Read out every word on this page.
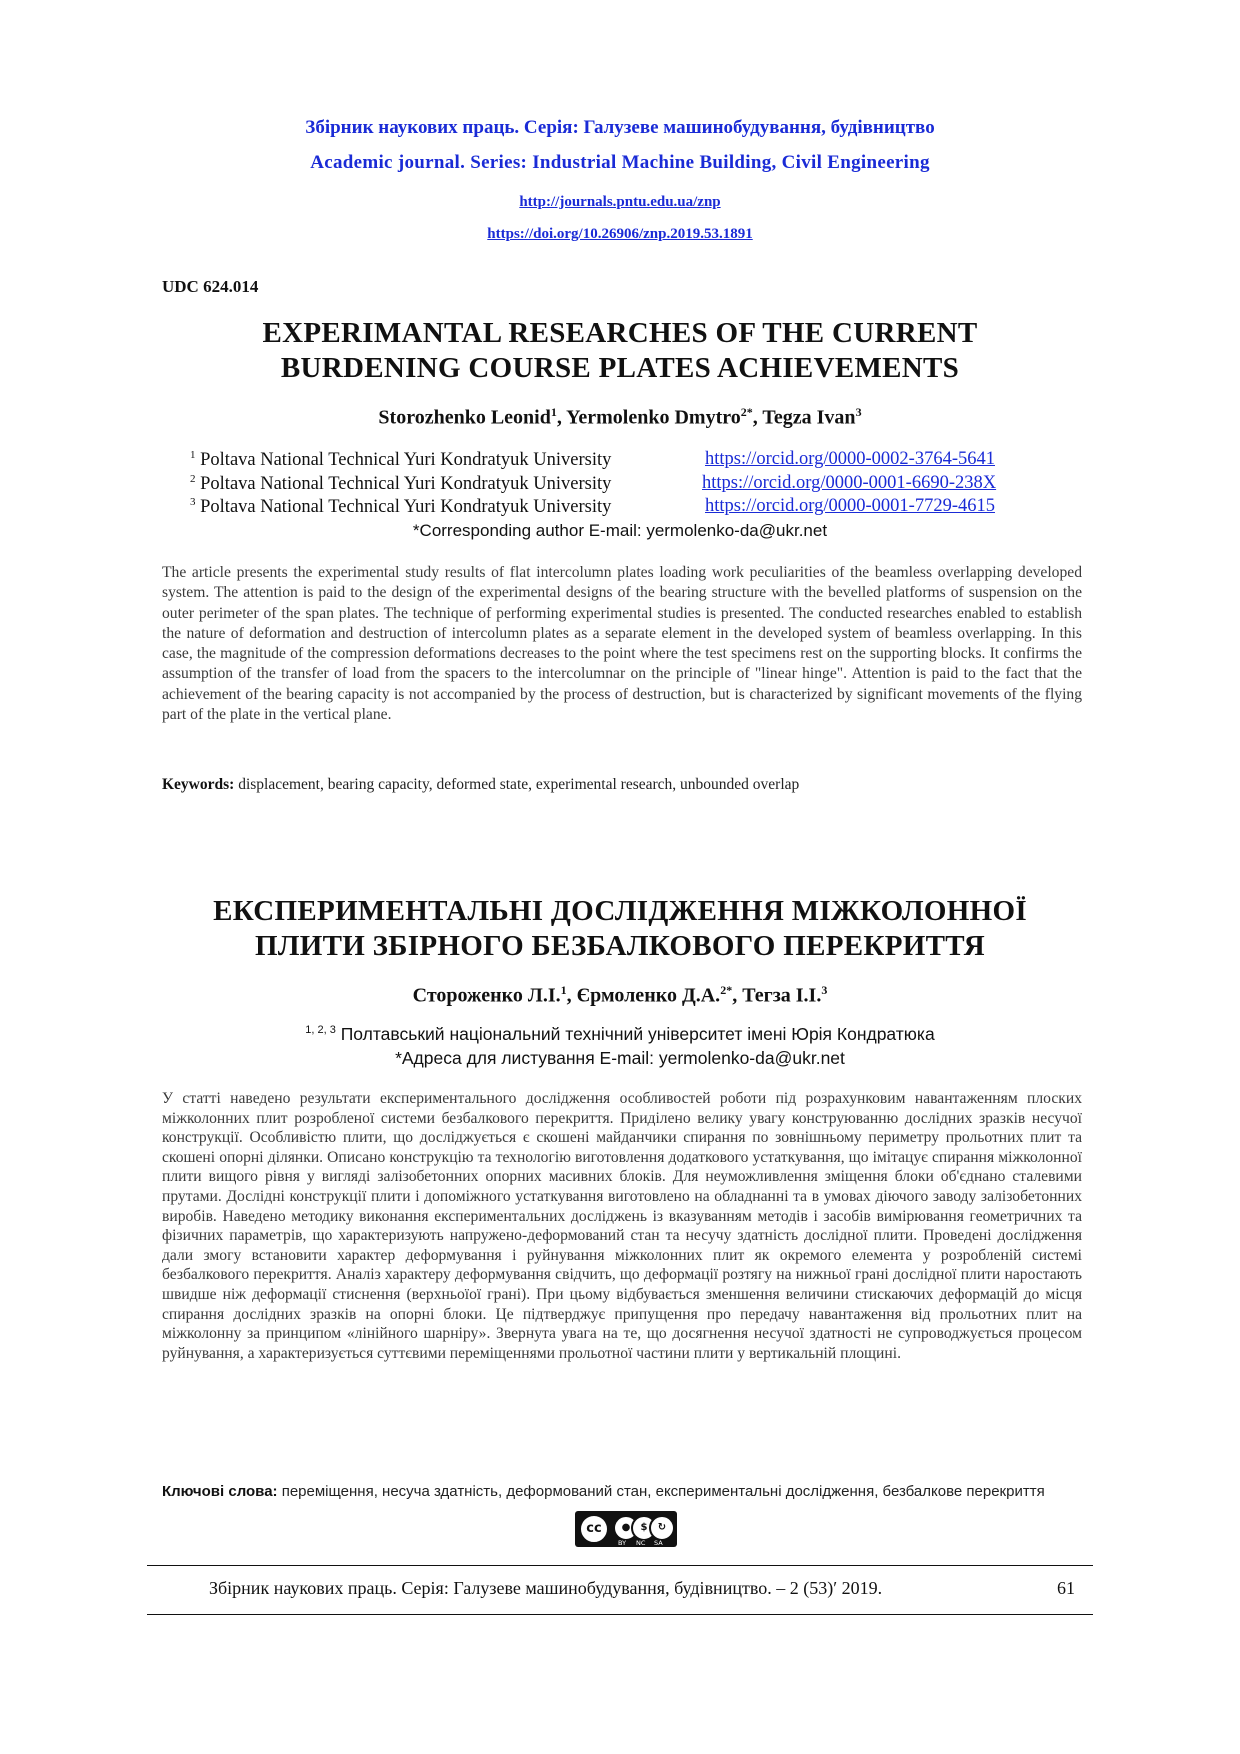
Збірник наукових праць. Серія: Галузеве машинобудування, будівництво
Academic journal. Series: Industrial Machine Building, Civil Engineering
http://journals.pntu.edu.ua/znp
https://doi.org/10.26906/znp.2019.53.1891
UDC 624.014
EXPERIMANTAL RESEARCHES OF THE CURRENT
BURDENING COURSE PLATES ACHIEVEMENTS
Storozhenko Leonid$^1$, Yermolenko Dmytro$^{2*}$, Tegza Ivan$^3$
$^1$ Poltava National Technical Yuri Kondratyuk University	https://orcid.org/0000-0002-3764-5641
$^2$ Poltava National Technical Yuri Kondratyuk University	https://orcid.org/0000-0001-6690-238X
$^3$ Poltava National Technical Yuri Kondratyuk University	https://orcid.org/0000-0001-7729-4615
*Corresponding author E-mail: yermolenko-da@ukr.net
The article presents the experimental study results of flat intercolumn plates loading work peculiarities of the beamless overlapping developed system. The attention is paid to the design of the experimental designs of the bearing structure with the bevelled platforms of suspension on the outer perimeter of the span plates. The technique of performing experimental studies is presented. The conducted researches enabled to establish the nature of deformation and destruction of intercolumn plates as a separate element in the developed system of beamless overlapping. In this case, the magnitude of the compression deformations decreases to the point where the test specimens rest on the supporting blocks. It confirms the assumption of the transfer of load from the spacers to the intercolumnar on the principle of "linear hinge". Attention is paid to the fact that the achievement of the bearing capacity is not accompanied by the process of destruction, but is characterized by significant movements of the flying part of the plate in the vertical plane.
Keywords: displacement, bearing capacity, deformed state, experimental research, unbounded overlap
ЕКСПЕРИМЕНТАЛЬНІ ДОСЛІДЖЕННЯ МІЖКОЛОННОЇ
ПЛИТИ ЗБІРНОГО БЕЗБАЛКОВОГО ПЕРЕКРИТТЯ
Стороженко Л.І.$^1$, Єрмоленко Д.А.$^{2*}$, Тегза І.І.$^3$
$^{1, 2, 3}$ Полтавський національний технічний університет імені Юрія Кондратюка
*Адреса для листування E-mail: yermolenko-da@ukr.net
У статті наведено результати експериментального дослідження особливостей роботи під розрахунковим навантаженням плоских міжколонних плит розробленої системи безбалкового перекриття. Приділено велику увагу конструюванню дослідних зразків несучої конструкції. Особливістю плити, що досліджується є скошені майданчики спирання по зовнішньому периметру прольотних плит та скошені опорні ділянки. Описано конструкцію та технологію виготовлення додаткового устаткування, що імітацує спирання міжколонної плити вищого рівня у вигляді залізобетонних опорних масивних блоків. Для неуможливлення зміщення блоки об'єднано сталевими прутами. Дослідні конструкції плити і допоміжного устаткування виготовлено на обладнанні та в умовах діючого заводу залізобетонних виробів. Наведено методику виконання експериментальних досліджень із вказуванням методів і засобів вимірювання геометричних та фізичних параметрів, що характеризують напружено-деформований стан та несучу здатність дослідної плити. Проведені дослідження дали змогу встановити характер деформування і руйнування міжколонних плит як окремого елемента у розробленій системі безбалкового перекриття. Аналіз характеру деформування свідчить, що деформації розтягу на нижньої грані дослідної плити наростають швидше ніж деформації стиснення (верхньоїої грані). При цьому відбувається зменшення величини стискаючих деформацій до місця спирання дослідних зразків на опорні блоки. Це підтверджує припущення про передачу навантаження від прольотних плит на міжколонну за принципом «лінійного шарніру». Звернута увага на те, що досягнення несучої здатності не супроводжується процесом руйнування, а характеризується суттєвими переміщеннями прольотної частини плити у вертикальній площині.
Ключові слова: переміщення, несуча здатність, деформований стан, експериментальні дослідження, безбалкове перекриття
cc	●	$	↻
BY NC SA
Збірник наукових праць. Серія: Галузеве машинобудування, будівництво. – 2 (53)′ 2019.	61
